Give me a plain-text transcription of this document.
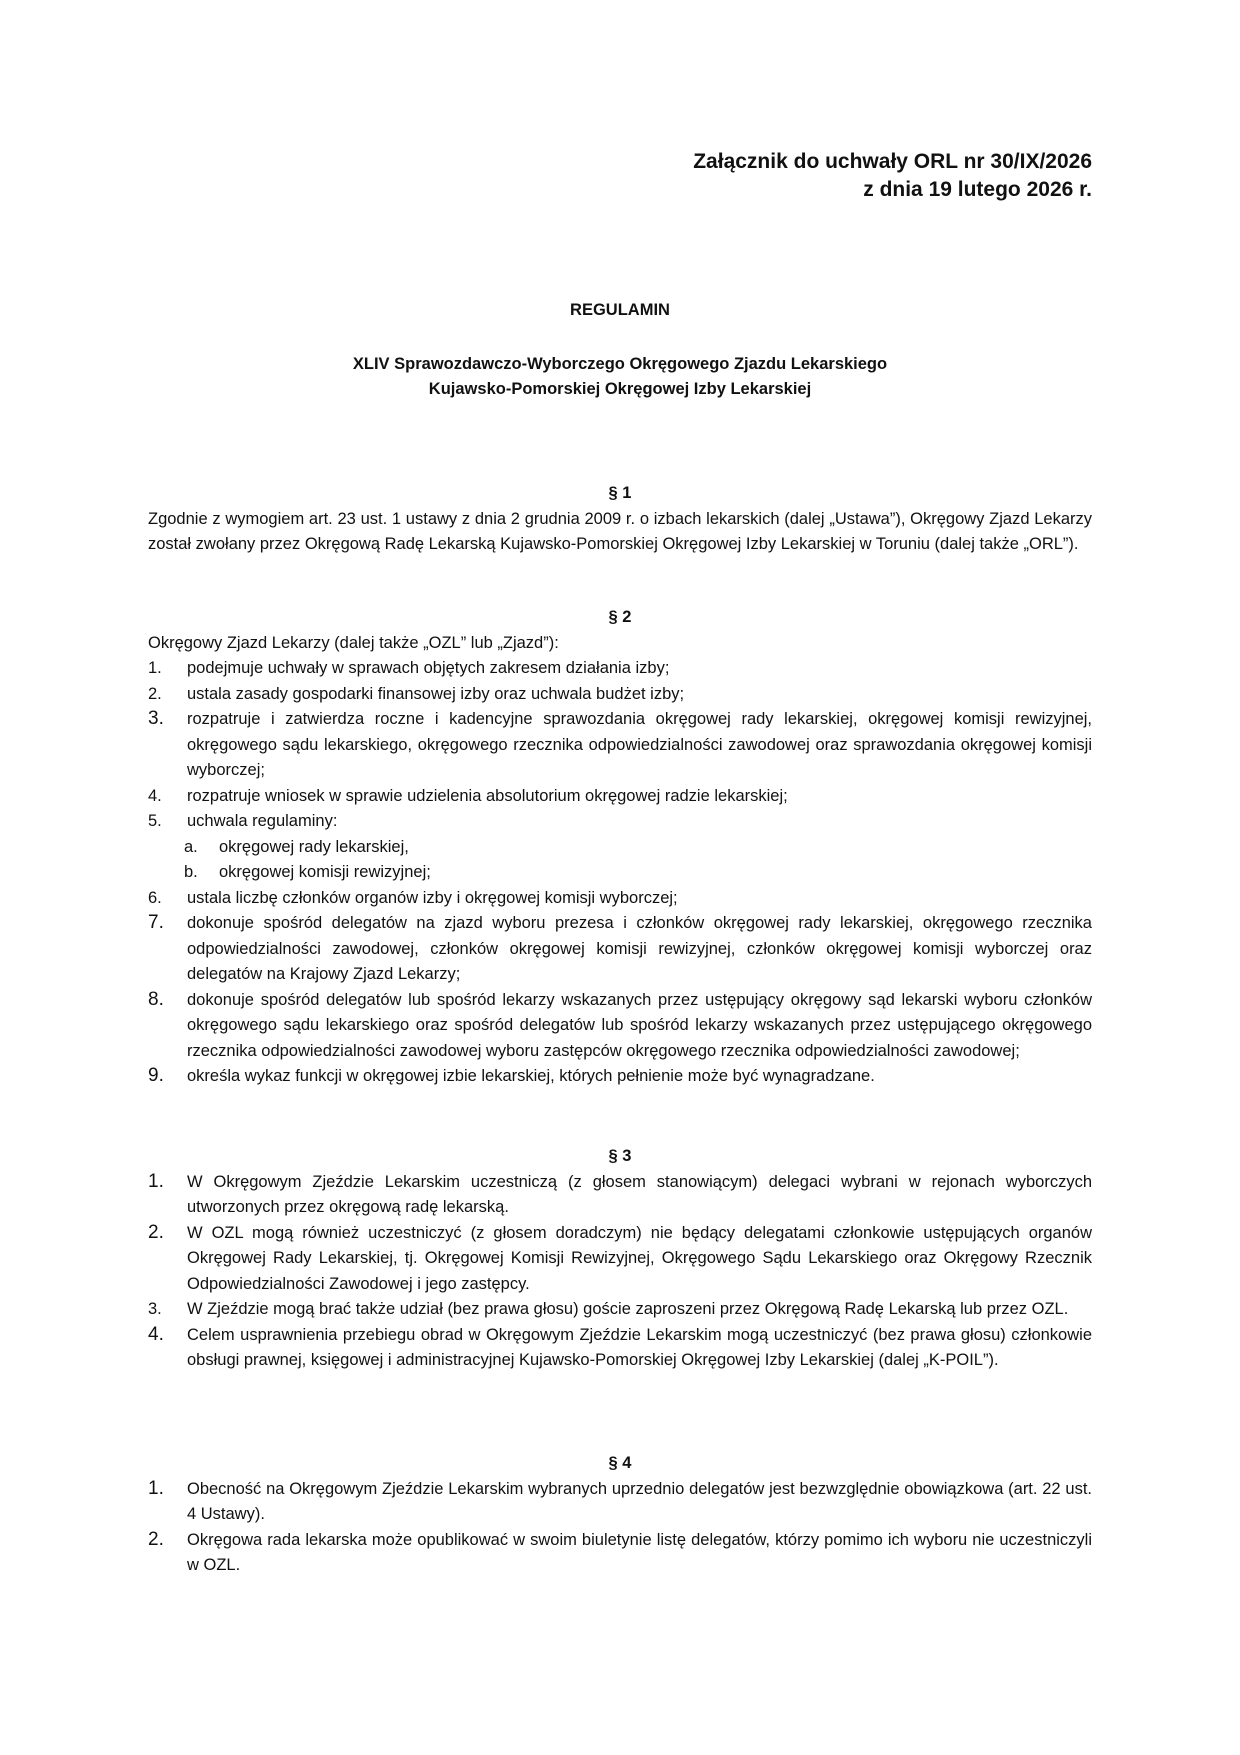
Załącznik do uchwały ORL nr 30/IX/2026
z dnia 19 lutego 2026 r.
REGULAMIN
XLIV Sprawozdawczo-Wyborczego Okręgowego Zjazdu Lekarskiego
Kujawsko-Pomorskiej Okręgowej Izby Lekarskiej

§ 1

Zgodnie z wymogiem art. 23 ust. 1 ustawy z dnia 2 grudnia 2009 r. o izbach lekarskich (dalej „Ustawa”), Okręgowy Zjazd Lekarzy został zwołany przez Okręgową Radę Lekarską Kujawsko-Pomorskiej Okręgowej Izby Lekarskiej w Toruniu (dalej także „ORL”).

§ 2

Okręgowy Zjazd Lekarzy (dalej także „OZL” lub „Zjazd”):

1.	podejmuje uchwały w sprawach objętych zakresem działania izby;
2.	ustala zasady gospodarki finansowej izby oraz uchwala budżet izby;
3.	rozpatruje i zatwierdza roczne i kadencyjne sprawozdania okręgowej rady lekarskiej, okręgowej komisji rewizyjnej, okręgowego sądu lekarskiego, okręgowego rzecznika odpowiedzialności zawodowej oraz sprawozdania okręgowej komisji wyborczej;
4.	rozpatruje wniosek w sprawie udzielenia absolutorium okręgowej radzie lekarskiej;
5.	uchwala regulaminy:
a. okręgowej rady lekarskiej,
b. okręgowej komisji rewizyjnej;
6.	ustala liczbę członków organów izby i okręgowej komisji wyborczej;
7.	dokonuje spośród delegatów na zjazd wyboru prezesa i członków okręgowej rady lekarskiej, okręgowego rzecznika odpowiedzialności zawodowej, członków okręgowej komisji rewizyjnej, członków okręgowej komisji wyborczej oraz delegatów na Krajowy Zjazd Lekarzy;
8.	dokonuje spośród delegatów lub spośród lekarzy wskazanych przez ustępujący okręgowy sąd lekarski wyboru członków okręgowego sądu lekarskiego oraz spośród delegatów lub spośród lekarzy wskazanych przez ustępującego okręgowego rzecznika odpowiedzialności zawodowej wyboru zastępców okręgowego rzecznika odpowiedzialności zawodowej;
9.	określa wykaz funkcji w okręgowej izbie lekarskiej, których pełnienie może być wynagradzane.

§ 3

1.	W Okręgowym Zjeździe Lekarskim uczestniczą (z głosem stanowiącym) delegaci wybrani w rejonach wyborczych utworzonych przez okręgową radę lekarską.
2.	W OZL mogą również uczestniczyć (z głosem doradczym) nie będący delegatami członkowie ustępujących organów Okręgowej Rady Lekarskiej, tj. Okręgowej Komisji Rewizyjnej, Okręgowego Sądu Lekarskiego oraz Okręgowy Rzecznik Odpowiedzialności Zawodowej i jego zastępcy.
3.	W Zjeździe mogą brać także udział (bez prawa głosu) goście zaproszeni przez Okręgową Radę Lekarską lub przez OZL.
4.	Celem usprawnienia przebiegu obrad w Okręgowym Zjeździe Lekarskim mogą uczestniczyć (bez prawa głosu) członkowie obsługi prawnej, księgowej i administracyjnej Kujawsko-Pomorskiej Okręgowej Izby Lekarskiej (dalej „K-POIL”).

§ 4

1.	Obecność na Okręgowym Zjeździe Lekarskim wybranych uprzednio delegatów jest bezwzględnie obowiązkowa (art. 22 ust. 4 Ustawy).
2.	Okręgowa rada lekarska może opublikować w swoim biuletynie listę delegatów, którzy pomimo ich wyboru nie uczestniczyli w OZL.
